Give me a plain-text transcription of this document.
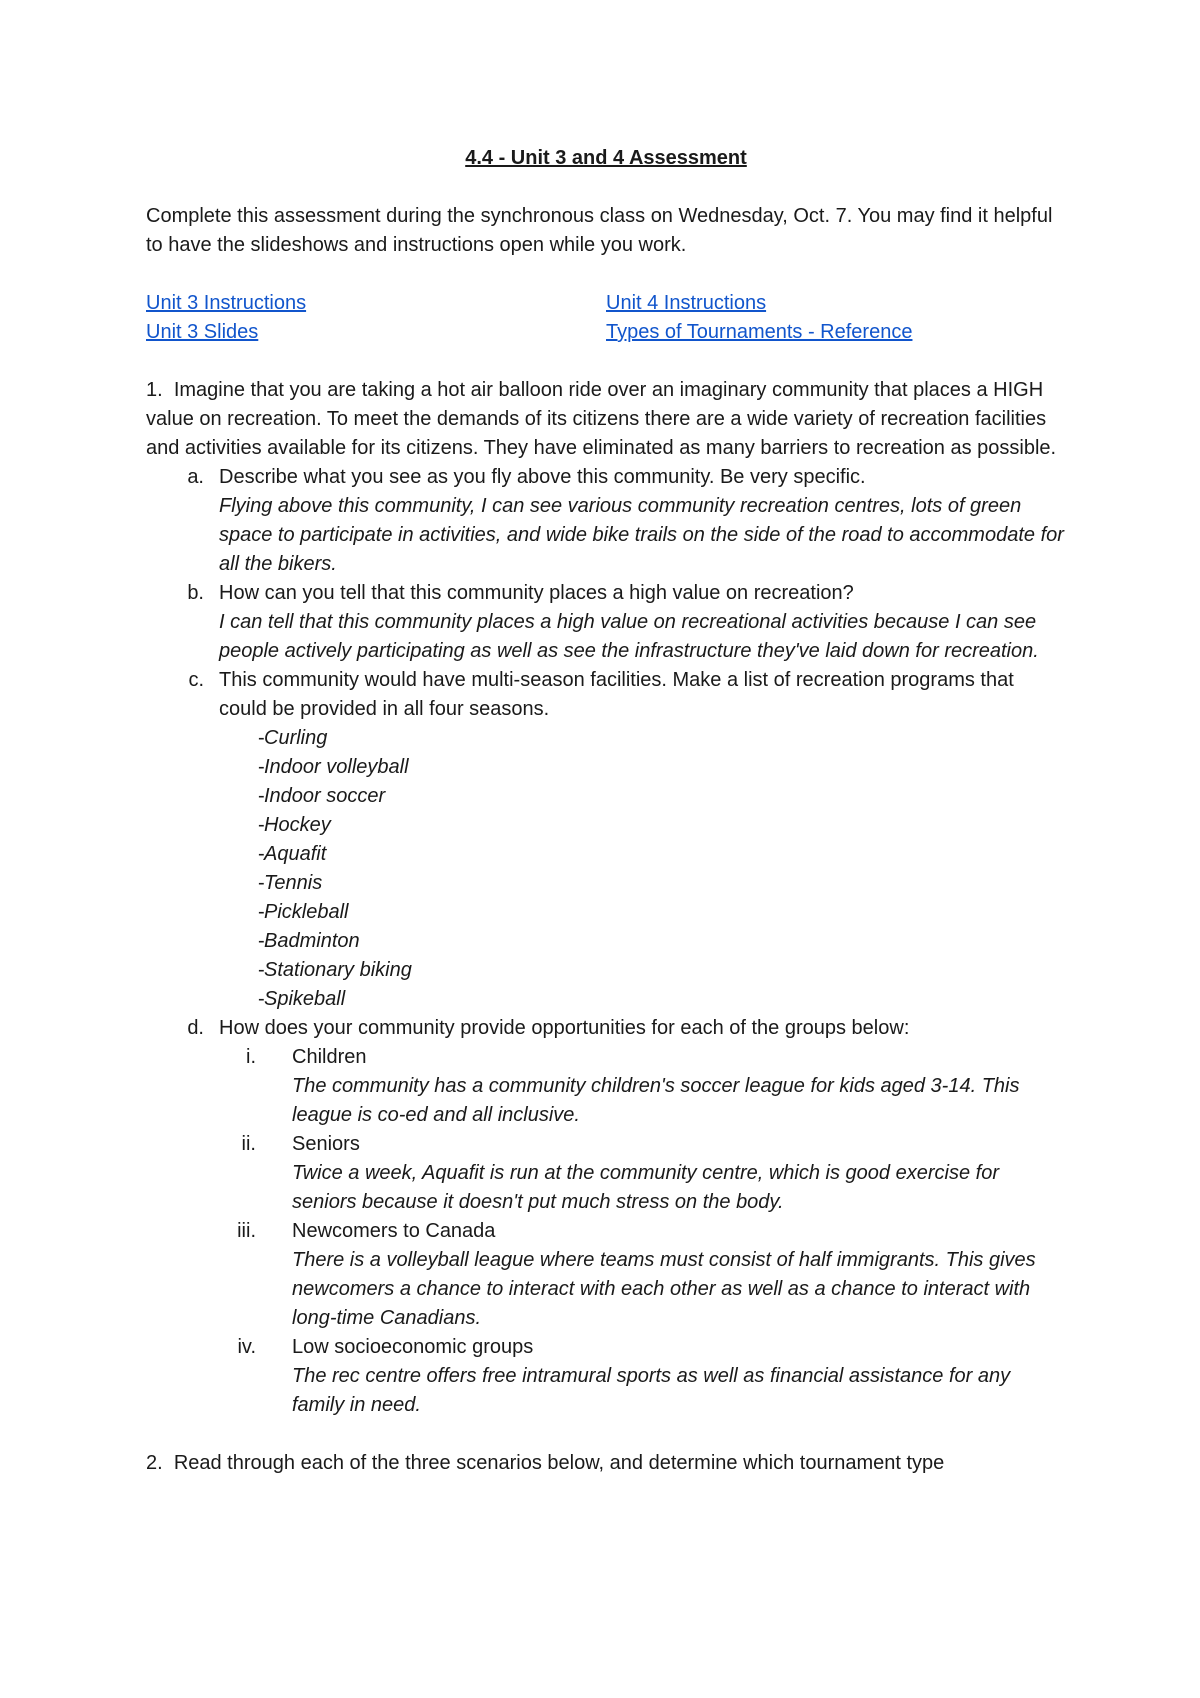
4.4 - Unit 3 and 4 Assessment

Complete this assessment during the synchronous class on Wednesday, Oct. 7. You may find it helpful to have the slideshows and instructions open while you work.

Unit 3 Instructions
Unit 3 Slides
Unit 4 Instructions
Types of Tournaments - Reference

1. Imagine that you are taking a hot air balloon ride over an imaginary community that places a HIGH value on recreation. To meet the demands of its citizens there are a wide variety of recreation facilities and activities available for its citizens. They have eliminated as many barriers to recreation as possible.

a. Describe what you see as you fly above this community. Be very specific.

Flying above this community, I can see various community recreation centres, lots of green space to participate in activities, and wide bike trails on the side of the road to accommodate for all the bikers.

b. How can you tell that this community places a high value on recreation?

I can tell that this community places a high value on recreational activities because I can see people actively participating as well as see the infrastructure they've laid down for recreation.

c. This community would have multi-season facilities. Make a list of recreation programs that could be provided in all four seasons.

- Curling
- Indoor volleyball
- Indoor soccer
- Hockey
- Aquafit
- Tennis
- Pickleball
- Badminton
- Stationary biking
- Spikeball
d. How does your community provide opportunities for each of the groups below:

i.	Children

The community has a community children's soccer league for kids aged 3-14. This league is co-ed and all inclusive.

ii.	Seniors

Twice a week, Aquafit is run at the community centre, which is good exercise for seniors because it doesn't put much stress on the body.

iii.	Newcomers to Canada

There is a volleyball league where teams must consist of half immigrants. This gives newcomers a chance to interact with each other as well as a chance to interact with long-time Canadians.

iv.	Low socioeconomic groups

The rec centre offers free intramural sports as well as financial assistance for any family in need.

2. Read through each of the three scenarios below, and determine which tournament type
